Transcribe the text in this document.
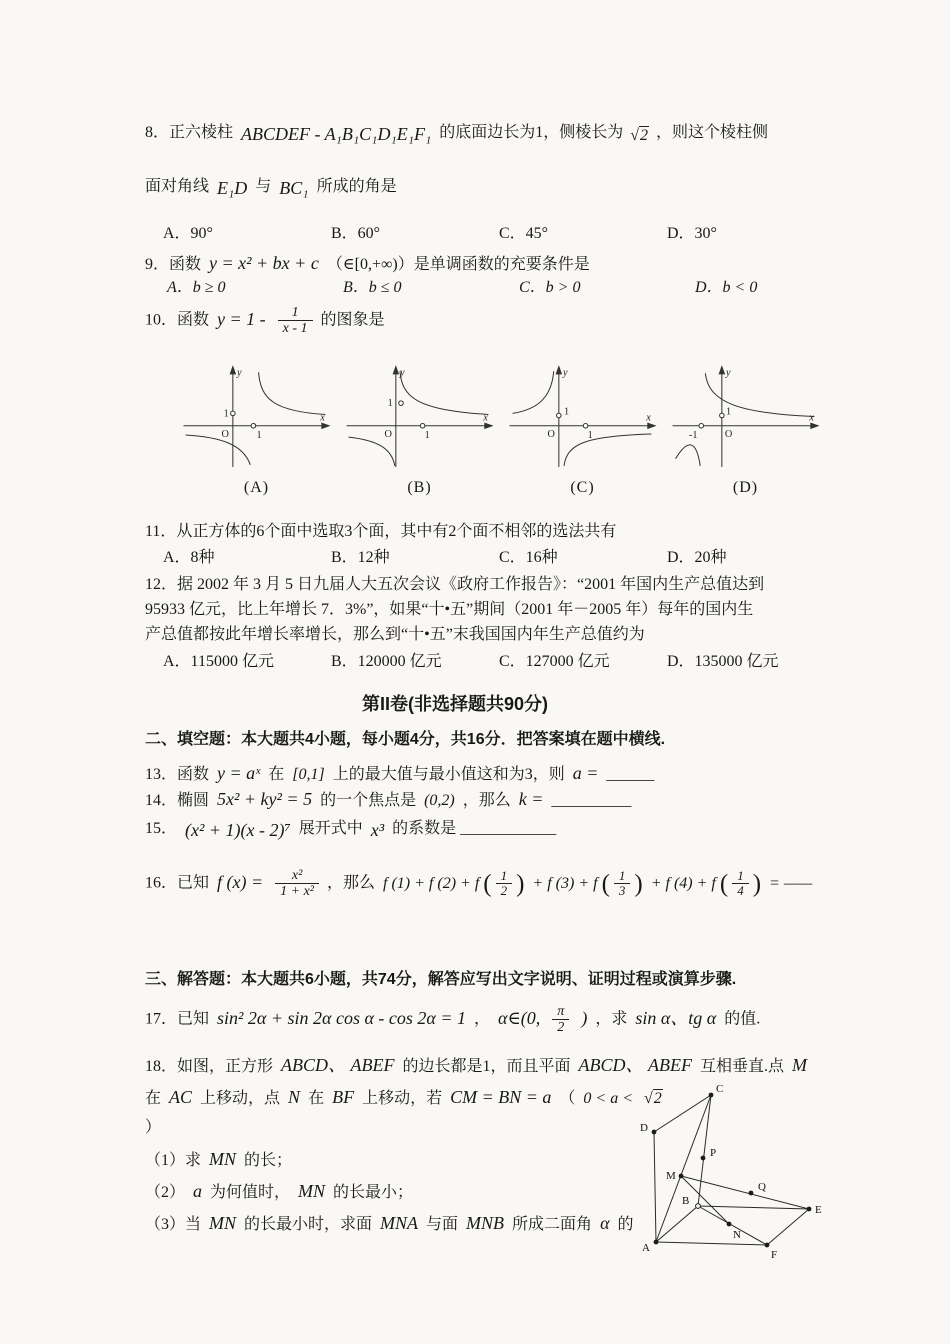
8．正六棱柱 ABCDEF - A₁B₁C₁D₁E₁F₁ 的底面边长为1，侧棱长为 √2 ，则这个棱柱侧
面对角线 E₁D 与 BC₁ 所成的角是
A．90°	B．60°	C．45°	D．30°
9．函数 y = x² + bx + c （∈[0,+∞)）是单调函数的充要条件是
A．b ≥ 0	B．b ≤ 0	C．b > 0	D．b < 0
10．函数 $y = 1 - \frac{1}{x - 1}$ 的图象是
y
x
O
1
1
(A)
y
x
O
1
1
(B)
y
x
O
1
1
(C)
y
x
O
1
-1
(D)
11．从正方体的6个面中选取3个面，其中有2个面不相邻的选法共有
A．8种	B．12种	C．16种	D．20种
12．据 2002 年 3 月 5 日九届人大五次会议《政府工作报告》：“2001 年国内生产总值达到
95933 亿元，比上年增长 7．3%”，如果“十•五”期间（2001 年－2005 年）每年的国内生
产总值都按此年增长率增长，那么到“十•五”末我国国内年生产总值约为
A．115000 亿元	B．120000 亿元	C．127000 亿元	D．135000 亿元
第II卷(非选择题共90分)
二、填空题：本大题共4小题，每小题4分，共16分．把答案填在题中横线.
13．函数 y = aˣ 在 [0,1] 上的最大值与最小值这和为3，则 a = ______
14．椭圆 5x² + ky² = 5 的一个焦点是 (0,2) ，那么 k = __________
15． (x² + 1)(x - 2)⁷ 展开式中 x³ 的系数是 ____________
16．已知 f $(x) = \frac{\text{x²}}{\text{1 + x²}}$ ，那么 f (1) + f (2) + f ( $\frac{1}{2}$ ) + f (3) + f ( $\frac{1}{3}$ ) + f (4) + f ( $\frac{1}{4}$ ) = ——
三、解答题：本大题共6小题，共74分，解答应写出文字说明、证明过程或演算步骤.
17．已知 sin² 2α + sin 2α cos α - cos 2α = 1 ， α∈(0, $\frac{\pi}{2}$ ) ，求 sin α、tg α 的值.
18．如图，正方形 ABCD、 ABEF 的边长都是1，而且平面 ABCD、 ABEF 互相垂直.点 M
在 AC 上移动，点 N 在 BF 上移动，若 CM = BN = a （ 0 < a < √2
）
（1）求 MN 的长；
（2） a 为何值时， MN 的长最小；
（3）当 MN 的长最小时，求面 MNA 与面 MNB 所成二面角 α 的
C
D
P
M
Q
B
E
N
A
F
